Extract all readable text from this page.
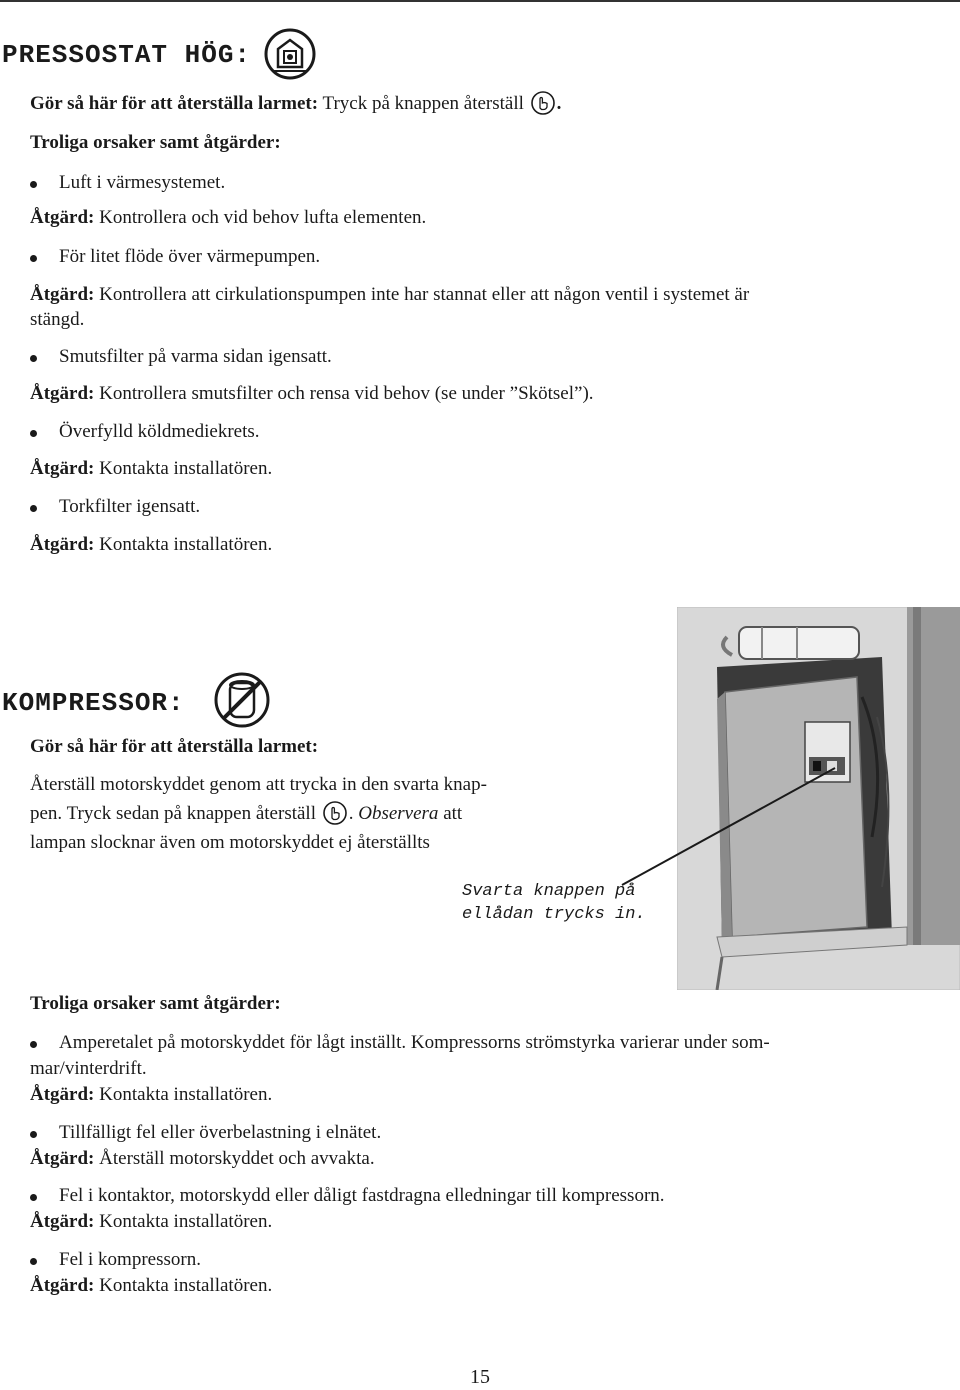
PRESSOSTAT HÖG:
Gör så här för att återställa larmet: Tryck på knappen återställ .
Troliga orsaker samt åtgärder:
Luft i värmesystemet.
Åtgärd: Kontrollera och vid behov lufta elementen.
För litet flöde över värmepumpen.
Åtgärd: Kontrollera att cirkulationspumpen inte har stannat eller att någon ventil i systemet är
stängd.
Smutsfilter på varma sidan igensatt.
Åtgärd: Kontrollera smutsfilter och rensa vid behov (se under ”Skötsel”).
Överfylld köldmediekrets.
Åtgärd: Kontakta installatören.
Torkfilter igensatt.
Åtgärd: Kontakta installatören.
KOMPRESSOR:
Gör så här för att återställa larmet:
Återställ motorskyddet genom att trycka in den svarta knap-
pen. Tryck sedan på knappen återställ . Observera att
lampan slocknar även om motorskyddet ej återställts
Svarta knappen på
ellådan trycks in.
Troliga orsaker samt åtgärder:
Amperetalet på motorskyddet för lågt inställt. Kompressorns strömstyrka varierar under som-
mar/vinterdrift.
Åtgärd: Kontakta installatören.
Tillfälligt fel eller överbelastning i elnätet.
Åtgärd: Återställ motorskyddet och avvakta.
Fel i kontaktor, motorskydd eller dåligt fastdragna elledningar till kompressorn.
Åtgärd: Kontakta installatören.
Fel i kompressorn.
Åtgärd: Kontakta installatören.
15
